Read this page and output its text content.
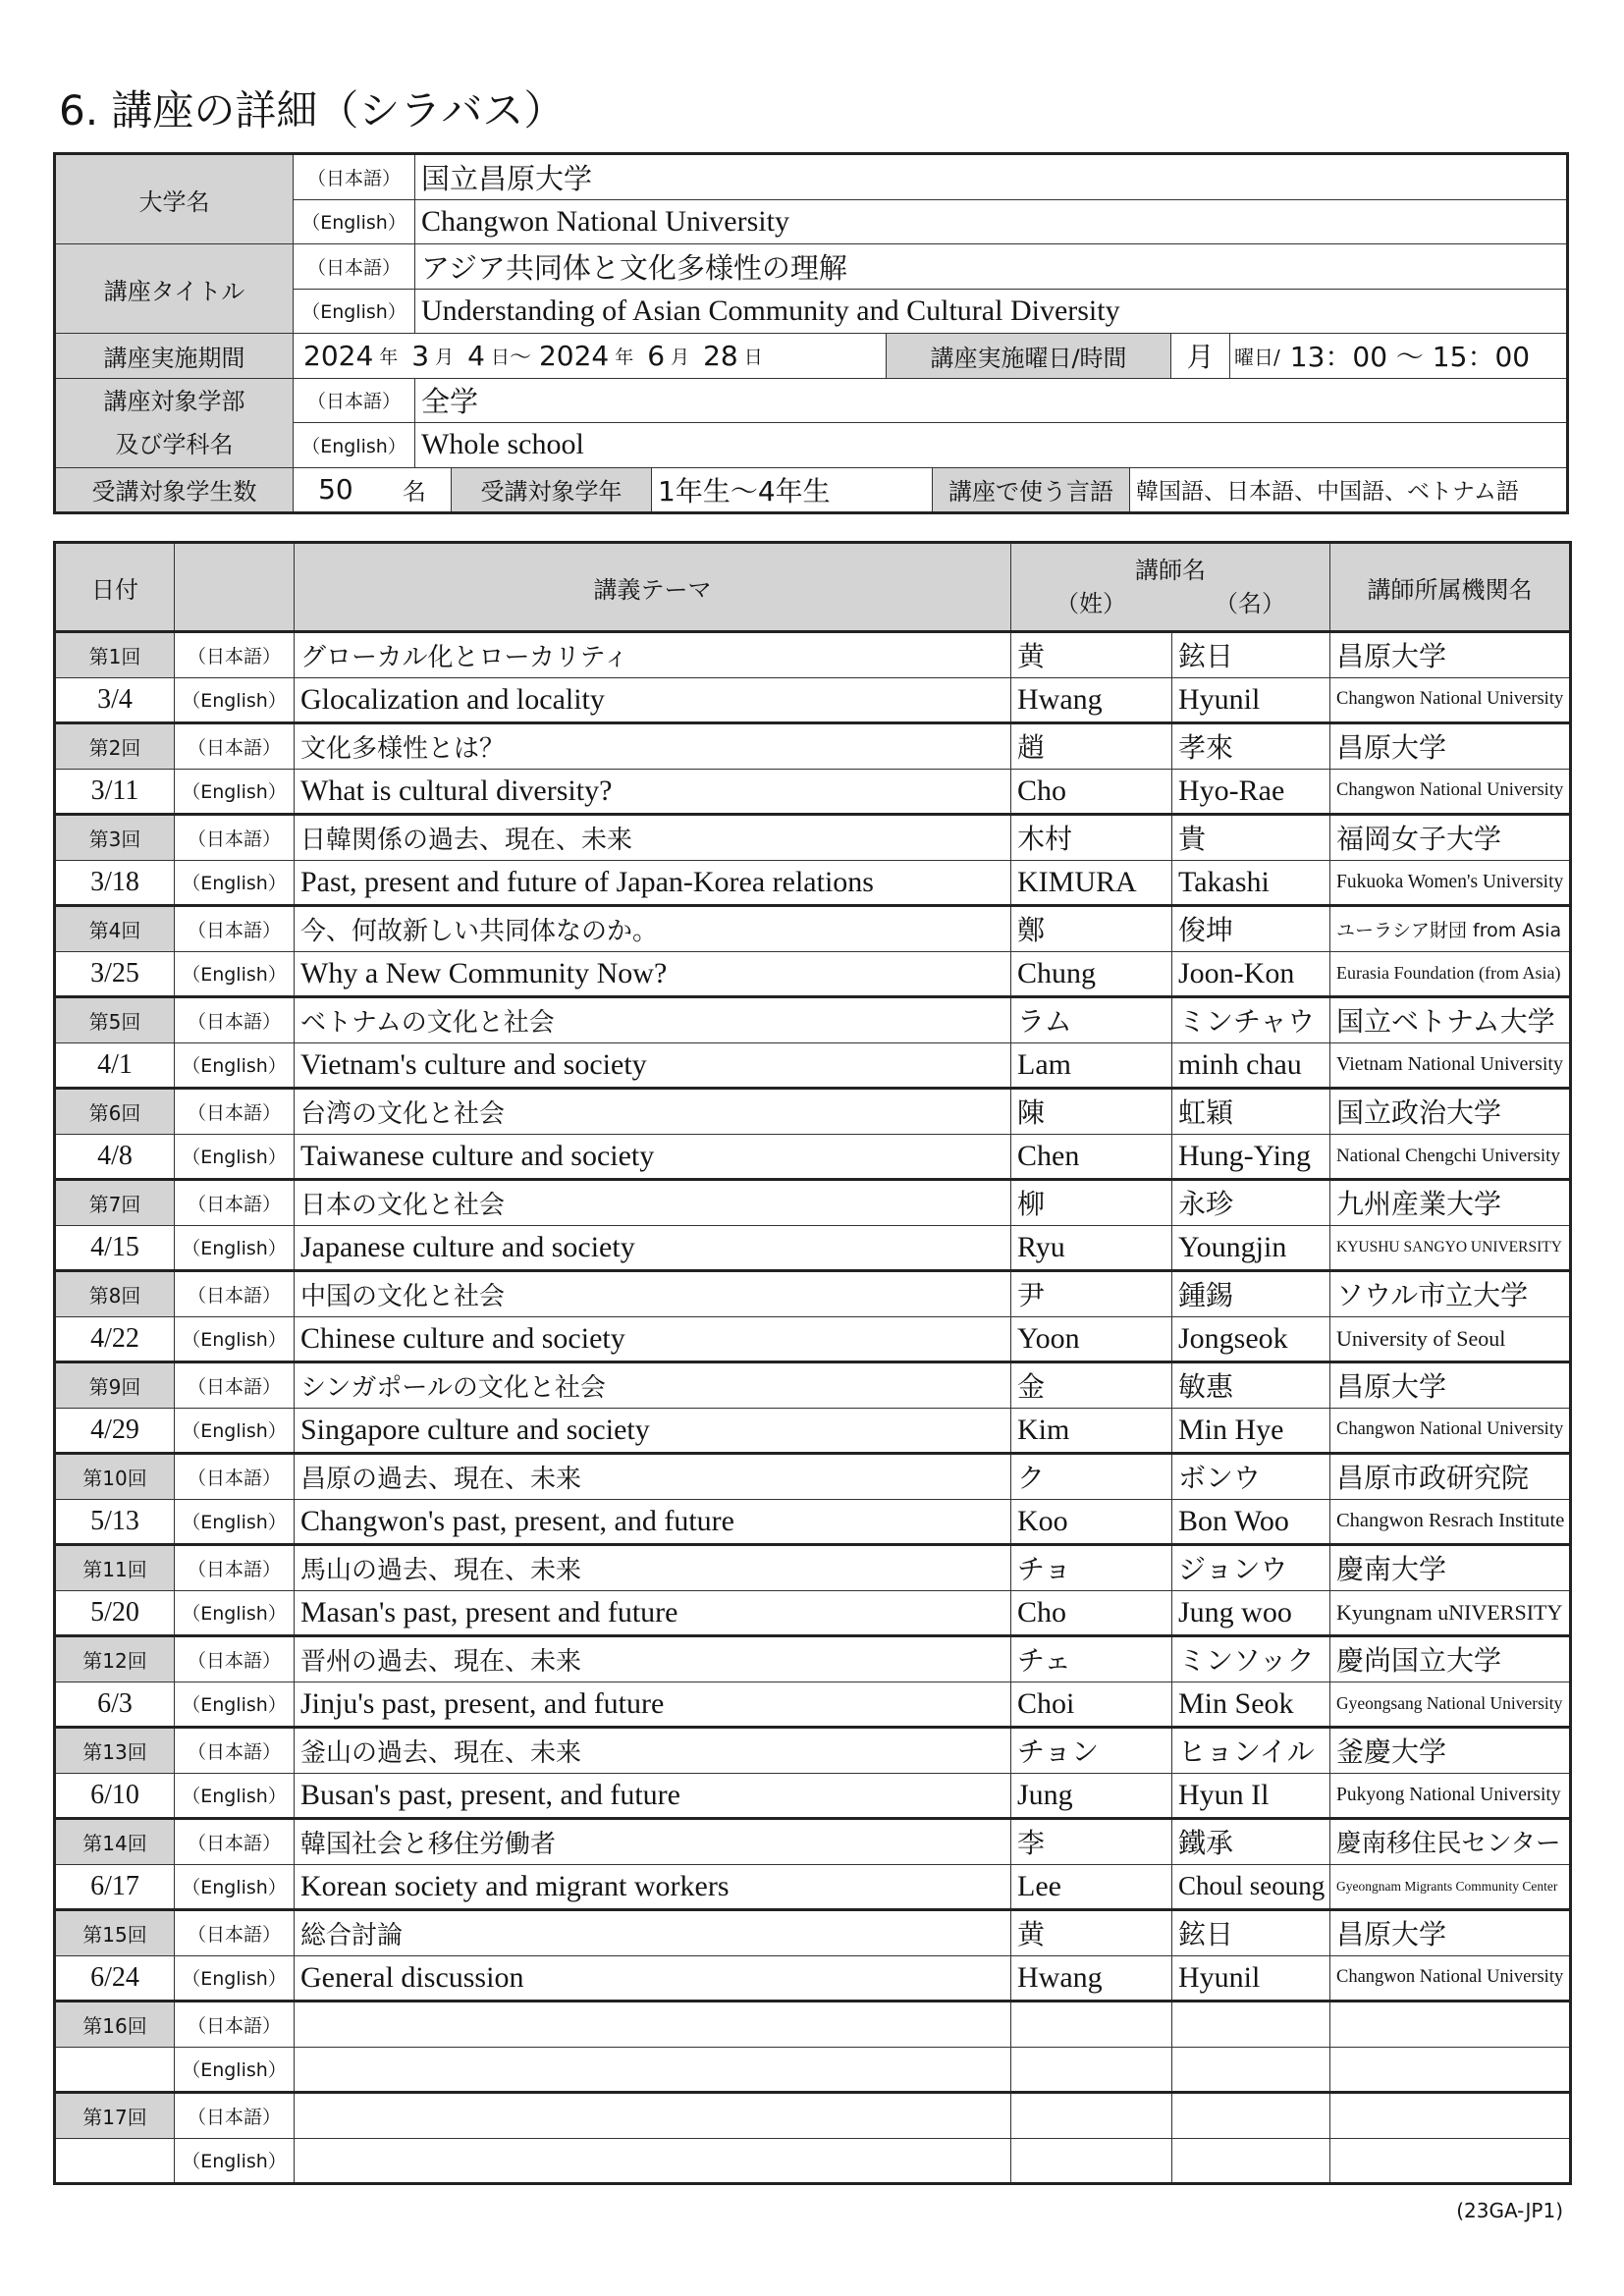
6. 講座の詳細（シラバス）
大学名
（日本語） 国立昌原大学
（English） Changwon National University
講座タイトル
（日本語） アジア共同体と文化多様性の理解
（English） Understanding of Asian Community and Cultural Diversity
講座実施期間	2024 年 3 月 4 日 ～ 2024 年 6 月 28 日	講座実施曜日/時間	月	曜日/ 13：00 ～ 15：00
講座対象学部
及び学科名
（日本語） 全学
（English） Whole school
受講対象学生数	50 名	受講対象学年	1年生～4年生	講座で使う言語	韓国語、日本語、中国語、ベトナム語
日付		講義テーマ	講師名
（姓） （名）		講師所属機関名

第1回	（日本語）	グローカル化とローカリティ	黄	鉉日	昌原大学

3/4	（English）	Glocalization and locality	Hwang	Hyunil	Changwon National University

第2回	（日本語）	文化多様性とは？	趙	孝來	昌原大学

3/11	（English）	What is cultural diversity?	Cho	Hyo-Rae	Changwon National University

第3回	（日本語）	日韓関係の過去、現在、未来	木村	貴	福岡女子大学

3/18	（English）	Past, present and future of Japan-Korea relations	KIMURA	Takashi	Fukuoka Women's University

第4回	（日本語）	今、何故新しい共同体なのか。	鄭	俊坤	ユーラシア財団 from Asia

3/25	（English）	Why a New Community Now?	Chung	Joon-Kon	Eurasia Foundation (from Asia)

第5回	（日本語）	ベトナムの文化と社会	ラム	ミンチャウ	国立ベトナム大学

4/1	（English）	Vietnam's culture and society	Lam	minh chau	Vietnam National University

第6回	（日本語）	台湾の文化と社会	陳	虹穎	国立政治大学

4/8	（English）	Taiwanese culture and society	Chen	Hung-Ying	National Chengchi University

第7回	（日本語）	日本の文化と社会	柳	永珍	九州産業大学

4/15	（English）	Japanese culture and society	Ryu	Youngjin	KYUSHU SANGYO UNIVERSITY

第8回	（日本語）	中国の文化と社会	尹	鍾錫	ソウル市立大学

4/22	（English）	Chinese culture and society	Yoon	Jongseok	University of Seoul

第9回	（日本語）	シンガポールの文化と社会	金	敏惠	昌原大学

4/29	（English）	Singapore culture and society	Kim	Min Hye	Changwon National University

第10回	（日本語）	昌原の過去、現在、未来	ク	ボンウ	昌原市政研究院

5/13	（English）	Changwon's past, present, and future	Koo	Bon Woo	Changwon Resrach Institute

第11回	（日本語）	馬山の過去、現在、未来	チョ	ジョンウ	慶南大学

5/20	（English）	Masan's past, present and future	Cho	Jung woo	Kyungnam uNIVERSITY

第12回	（日本語）	晋州の過去、現在、未来	チェ	ミンソック	慶尚国立大学

6/3	（English）	Jinju's past, present, and future	Choi	Min Seok	Gyeongsang National University

第13回	（日本語）	釜山の過去、現在、未来	チョン	ヒョンイル	釜慶大学

6/10	（English）	Busan's past, present, and future	Jung	Hyun Il	Pukyong National University

第14回	（日本語）	韓国社会と移住労働者	李	鐵承	慶南移住民センター

6/17	（English）	Korean society and migrant workers	Lee	Choul seoung	Gyeongnam Migrants Community Center

第15回	（日本語）	総合討論	黄	鉉日	昌原大学

6/24	（English）	General discussion	Hwang	Hyunil	Changwon National University

第16回	（日本語）				

	（English）				

第17回	（日本語）				

	（English）				

(23GA-JP1)
